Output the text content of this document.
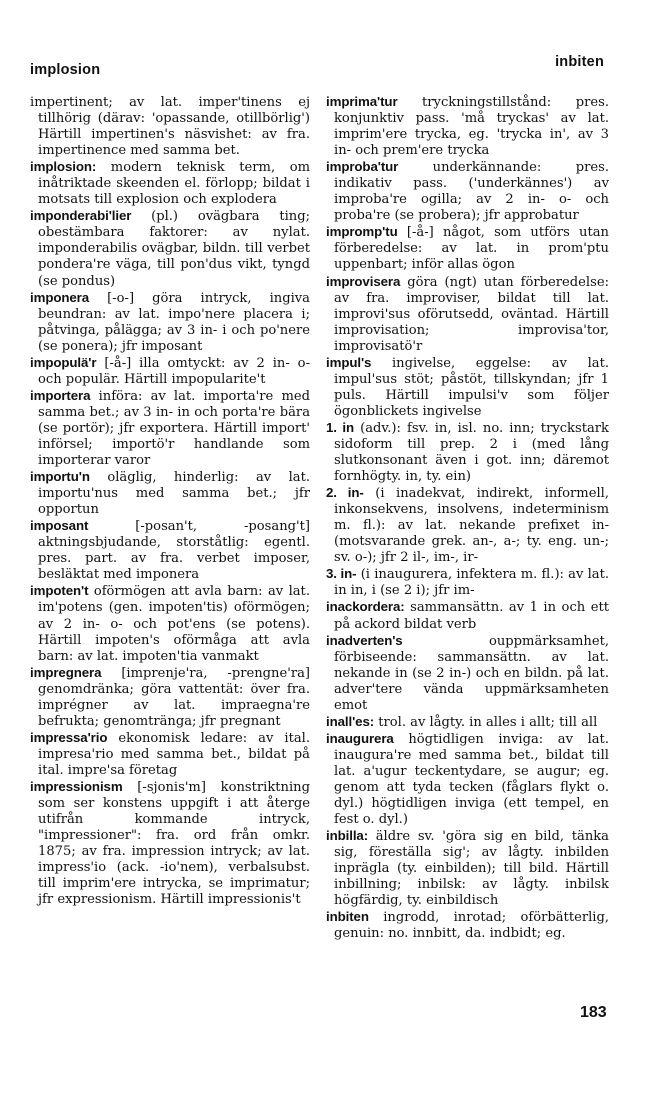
implosion	inbiten

impertinent; av lat. imper'tinens ej tillhörig (därav: 'opassande, otillbörlig') Härtill impertinen's näsvishet: av fra. impertinence med samma bet.

implosion: modern teknisk term, om inåtriktade skeenden el. förlopp; bildat i motsats till explosion och explodera

imponderabi'lier (pl.) ovägbara ting; obestämbara faktorer: av nylat. imponderabilis ovägbar, bildn. till verbet pondera're väga, till pon'dus vikt, tyngd (se pondus)

imponera [-o-] göra intryck, ingiva beundran: av lat. impo'nere placera i; påtvinga, pålägga; av 3 in- i och po'nere (se ponera); jfr imposant

impopulä'r [-å-] illa omtyckt: av 2 in- o- och populär. Härtill impopularite't

importera införa: av lat. importa're med samma bet.; av 3 in- in och porta're bära (se portör); jfr exportera. Härtill import' införsel; importö'r handlande som importerar varor

importu'n oläglig, hinderlig: av lat. importu'nus med samma bet.; jfr opportun

imposant	[-posan't, -posang't] aktningsbjudande, storståtlig: egentl. pres. part. av fra. verbet imposer, besläktat med imponera

impoten't oförmögen att avla barn: av lat. im'potens (gen. impoten'tis) oförmögen; av 2 in- o- och pot'ens (se potens). Härtill impoten's oförmåga att avla barn: av lat. impoten'tia vanmakt

impregnera [imprenje'ra, -prengne'ra] genomdränka; göra vattentät: över fra. imprégner av lat. impraegna're befrukta; genomtränga; jfr pregnant

impressa'rio ekonomisk ledare: av ital. impresa'rio med samma bet., bildat på ital. impre'sa företag

impressionism [-sjonis'm] konstriktning som ser konstens uppgift i att återge utifrån kommande intryck, "impressioner": fra. ord från omkr. 1875; av fra. impression intryck; av lat. impress'io (ack. -io'nem), verbalsubst. till imprim'ere intrycka, se imprimatur; jfr expressionism. Härtill impressionis't

imprima'tur tryckningstillstånd: pres. konjunktiv pass. 'må tryckas' av lat. imprim'ere trycka, eg. 'trycka in', av 3 in- och prem'ere trycka

improba'tur	underkännande: pres. indikativ pass. ('underkännes') av improba're ogilla; av 2 in- o- och proba're (se probera); jfr approbatur

impromp'tu [-å-] något, som utförs utan förberedelse: av lat. in prom'ptu uppenbart; inför allas ögon

improvisera göra (ngt) utan förberedelse: av fra. improviser, bildat till lat. improvi'sus oförutsedd, oväntad. Härtill improvisation; improvisa'tor, improvisatö'r

impul's ingivelse, eggelse: av lat. impul'sus stöt; påstöt, tillskyndan; jfr 1 puls. Härtill impulsi'v som följer ögonblickets ingivelse

1. in (adv.): fsv. in, isl. no. inn; tryckstark sidoform till prep. 2 i (med lång slutkonsonant även i got. inn; däremot fornhögty. in, ty. ein)

2. in- (i inadekvat, indirekt, informell, inkonsekvens, insolvens, indeterminism m. fl.): av lat. nekande prefixet in- (motsvarande grek. an-, a-; ty. eng. un-; sv. o-); jfr 2 il-, im-, ir-

3. in- (i inaugurera, infektera m. fl.): av lat. in in, i (se 2 i); jfr im-

inackordera: sammansättn. av 1 in och ett på ackord bildat verb

inadverten's	ouppmärksamhet, förbiseende: sammansättn. av lat. nekande in (se 2 in-) och en bildn. på lat. adver'tere vända uppmärksamheten emot

inall'es: trol. av lågty. in alles i allt; till all

inaugurera högtidligen inviga: av lat. inaugura're med samma bet., bildat till lat. a'ugur teckentydare, se augur; eg. genom att tyda tecken (fåglars flykt o. dyl.) högtidligen inviga (ett tempel, en fest o. dyl.)

inbilla: äldre sv. 'göra sig en bild, tänka sig, föreställa sig'; av lågty. inbilden inprägla (ty. einbilden); till bild. Härtill inbillning; inbilsk: av lågty. inbilsk högfärdig, ty. einbildisch

inbiten ingrodd, inrotad; oförbätterlig, genuin: no. innbitt, da. indbidt; eg.

183
